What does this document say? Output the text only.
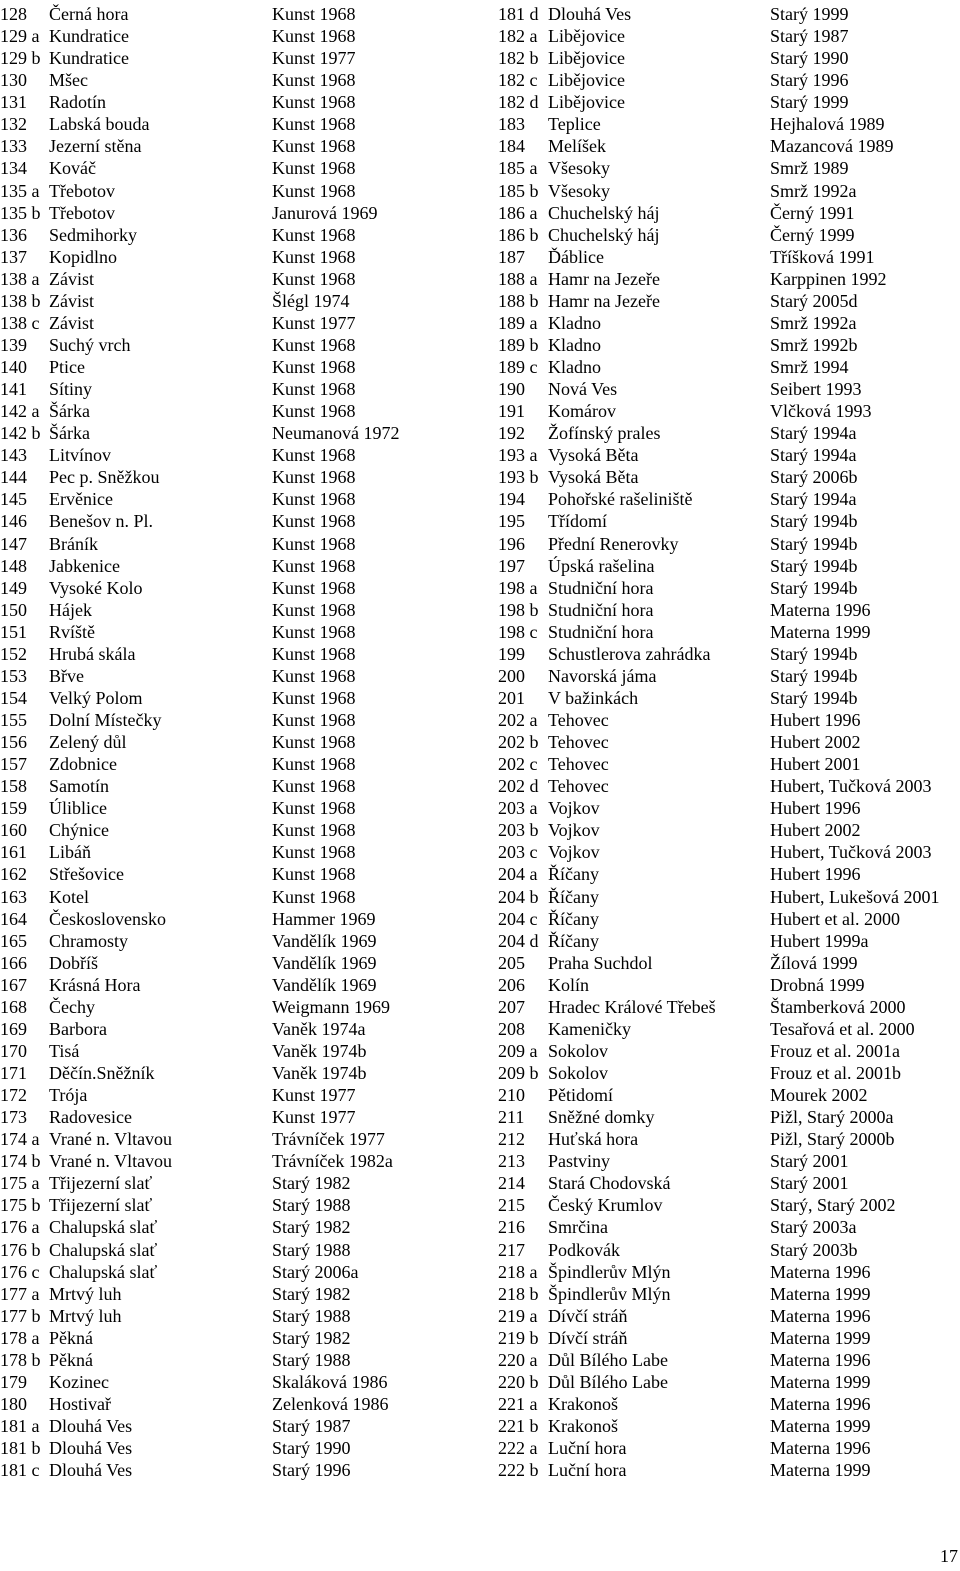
128 Černá hora	Kunst 1968
129 a Kundratice	Kunst 1968
129 b Kundratice	Kunst 1977
130 Mšec	Kunst 1968
131 Radotín	Kunst 1968
132 Labská bouda	Kunst 1968
133 Jezerní stěna	Kunst 1968
134 Kováč	Kunst 1968
135 a Třebotov	Kunst 1968
135 b Třebotov	Janurová 1969
136 Sedmihorky	Kunst 1968
137 Kopidlno	Kunst 1968
138 a Závist	Kunst 1968
138 b Závist	Šlégl 1974
138 c Závist	Kunst 1977
139 Suchý vrch	Kunst 1968
140 Ptice	Kunst 1968
141 Sítiny	Kunst 1968
142 a Šárka	Kunst 1968
142 b Šárka	Neumanová 1972
143 Litvínov	Kunst 1968
144 Pec p. Sněžkou	Kunst 1968
145 Ervěnice	Kunst 1968
146 Benešov n. Pl.	Kunst 1968
147 Bráník	Kunst 1968
148 Jabkenice	Kunst 1968
149 Vysoké Kolo	Kunst 1968
150 Hájek	Kunst 1968
151 Rvíště	Kunst 1968
152 Hrubá skála	Kunst 1968
153 Břve	Kunst 1968
154 Velký Polom	Kunst 1968
155 Dolní Místečky	Kunst 1968
156 Zelený důl	Kunst 1968
157 Zdobnice	Kunst 1968
158 Samotín	Kunst 1968
159 Úliblice	Kunst 1968
160 Chýnice	Kunst 1968
161 Libáň	Kunst 1968
162 Střešovice	Kunst 1968
163 Kotel	Kunst 1968
164 Československo	Hammer 1969
165 Chramosty	Vandělík 1969
166 Dobříš	Vandělík 1969
167 Krásná Hora	Vandělík 1969
168 Čechy	Weigmann 1969
169 Barbora	Vaněk 1974a
170 Tisá	Vaněk 1974b
171 Děčín.Sněžník	Vaněk 1974b
172 Trója	Kunst 1977
173 Radovesice	Kunst 1977
174 a Vrané n. Vltavou	Trávníček 1977
174 b Vrané n. Vltavou	Trávníček 1982a
175 a Třijezerní slať	Starý 1982
175 b Třijezerní slať	Starý 1988
176 a Chalupská slať	Starý 1982
176 b Chalupská slať	Starý 1988
176 c Chalupská slať	Starý 2006a
177 a Mrtvý luh	Starý 1982
177 b Mrtvý luh	Starý 1988
178 a Pěkná	Starý 1982
178 b Pěkná	Starý 1988
179 Kozinec	Skaláková 1986
180 Hostivař	Zelenková 1986
181 a Dlouhá Ves	Starý 1987
181 b Dlouhá Ves	Starý 1990
181 c Dlouhá Ves	Starý 1996
181 d Dlouhá Ves	Starý 1999
182 a Liběјovice	Starý 1987
182 b Liběјovice	Starý 1990
182 c Liběјovice	Starý 1996
182 d Liběјovice	Starý 1999
183 Teplice	Hejhalová 1989
184 Melíšek	Mazancová 1989
185 a Všesoky	Smrž 1989
185 b Všesoky	Smrž 1992a
186 a Chuchelský háj	Černý 1991
186 b Chuchelský háj	Černý 1999
187 Ďáblice	Tříšková 1991
188 a Hamr na Jezeře	Karppinen 1992
188 b Hamr na Jezeře	Starý 2005d
189 a Kladno	Smrž 1992a
189 b Kladno	Smrž 1992b
189 c Kladno	Smrž 1994
190 Nová Ves	Seibert 1993
191 Komárov	Vlčková 1993
192 Žofínský prales	Starý 1994a
193 a Vysoká Běta	Starý 1994a
193 b Vysoká Běta	Starý 2006b
194 Pohořské rašeliniště	Starý 1994a
195 Třídomí	Starý 1994b
196 Přední Renerovky	Starý 1994b
197 Úpská rašelina	Starý 1994b
198 a Studniční hora	Starý 1994b
198 b Studniční hora	Materna 1996
198 c Studniční hora	Materna 1999
199 Schustlerova zahrádka	Starý 1994b
200 Navorská jáma	Starý 1994b
201 V bažinkách	Starý 1994b
202 a Tehovec	Hubert 1996
202 b Tehovec	Hubert 2002
202 c Tehovec	Hubert 2001
202 d Tehovec	Hubert, Tučková 2003
203 a Vojkov	Hubert 1996
203 b Vojkov	Hubert 2002
203 c Vojkov	Hubert, Tučková 2003
204 a Říčany	Hubert 1996
204 b Říčany	Hubert, Lukešová 2001
204 c Říčany	Hubert et al. 2000
204 d Říčany	Hubert 1999a
205 Praha Suchdol	Žílová 1999
206 Kolín	Drobná 1999
207 Hradec Králové Třebeš	Štamberková 2000
208 Kameničky	Tesařová et al. 2000
209 a Sokolov	Frouz et al. 2001a
209 b Sokolov	Frouz et al. 2001b
210 Pětidomí	Mourek 2002
211 Sněžné domky	Pižl, Starý 2000a
212 Huťská hora	Pižl, Starý 2000b
213 Pastviny	Starý 2001
214 Stará Chodovská	Starý 2001
215 Český Krumlov	Starý, Starý 2002
216 Smrčina	Starý 2003a
217 Podkovák	Starý 2003b
218 a Špindlerův Mlýn	Materna 1996
218 b Špindlerův Mlýn	Materna 1999
219 a Dívčí stráň	Materna 1996
219 b Dívčí stráň	Materna 1999
220 a Důl Bílého Labe	Materna 1996
220 b Důl Bílého Labe	Materna 1999
221 a Krakonoš	Materna 1996
221 b Krakonoš	Materna 1999
222 a Luční hora	Materna 1996
222 b Luční hora	Materna 1999
17
